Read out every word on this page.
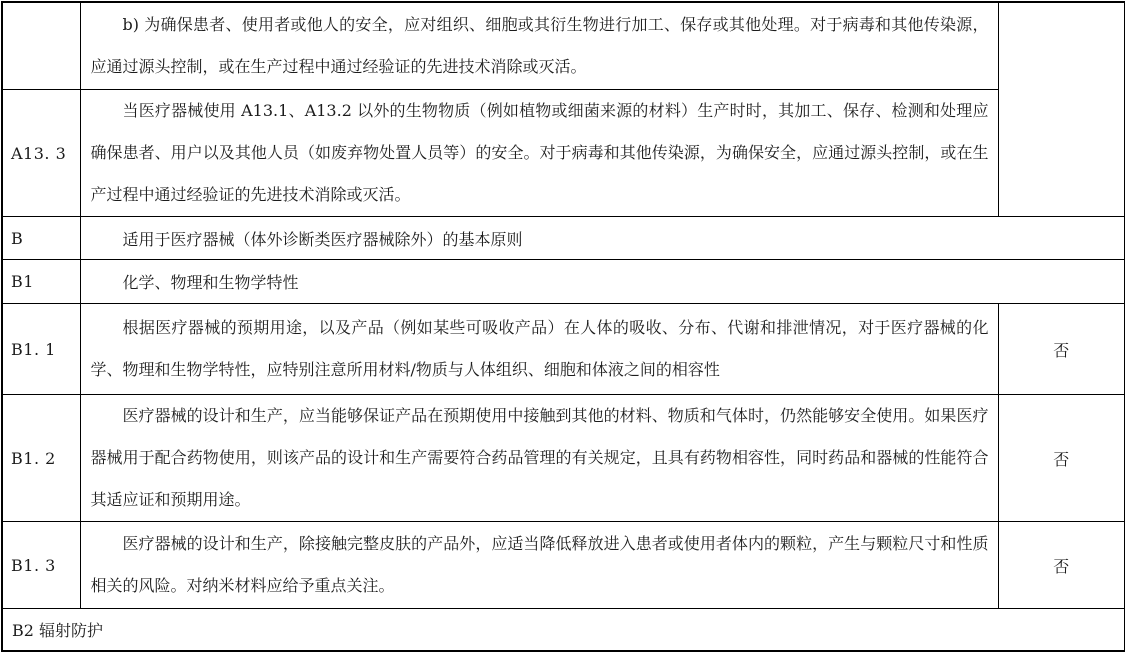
	b) 为确保患者、使用者或他人的安全，应对组织、细胞或其衍生物进行加工、保存或其他处理。对于病毒和其他传染源，应通过源头控制，或在生产过程中通过经验证的先进技术消除或灭活。	
A13. 3	当医疗器械使用 A13.1、A13.2 以外的生物物质（例如植物或细菌来源的材料）生产时时，其加工、保存、检测和处理应确保患者、用户以及其他人员（如废弃物处置人员等）的安全。对于病毒和其他传染源，为确保安全，应通过源头控制，或在生产过程中通过经验证的先进技术消除或灭活。	
B	适用于医疗器械（体外诊断类医疗器械除外）的基本原则	
B1	化学、物理和生物学特性	
B1. 1	根据医疗器械的预期用途，以及产品（例如某些可吸收产品）在人体的吸收、分布、代谢和排泄情况，对于医疗器械的化学、物理和生物学特性，应特别注意所用材料/物质与人体组织、细胞和体液之间的相容性	否
B1. 2	医疗器械的设计和生产，应当能够保证产品在预期使用中接触到其他的材料、物质和气体时，仍然能够安全使用。如果医疗器械用于配合药物使用，则该产品的设计和生产需要符合药品管理的有关规定，且具有药物相容性，同时药品和器械的性能符合其适应证和预期用途。	否
B1. 3	医疗器械的设计和生产，除接触完整皮肤的产品外，应适当降低释放进入患者或使用者体内的颗粒，产生与颗粒尺寸和性质相关的风险。对纳米材料应给予重点关注。	否
B2 辐射防护		
